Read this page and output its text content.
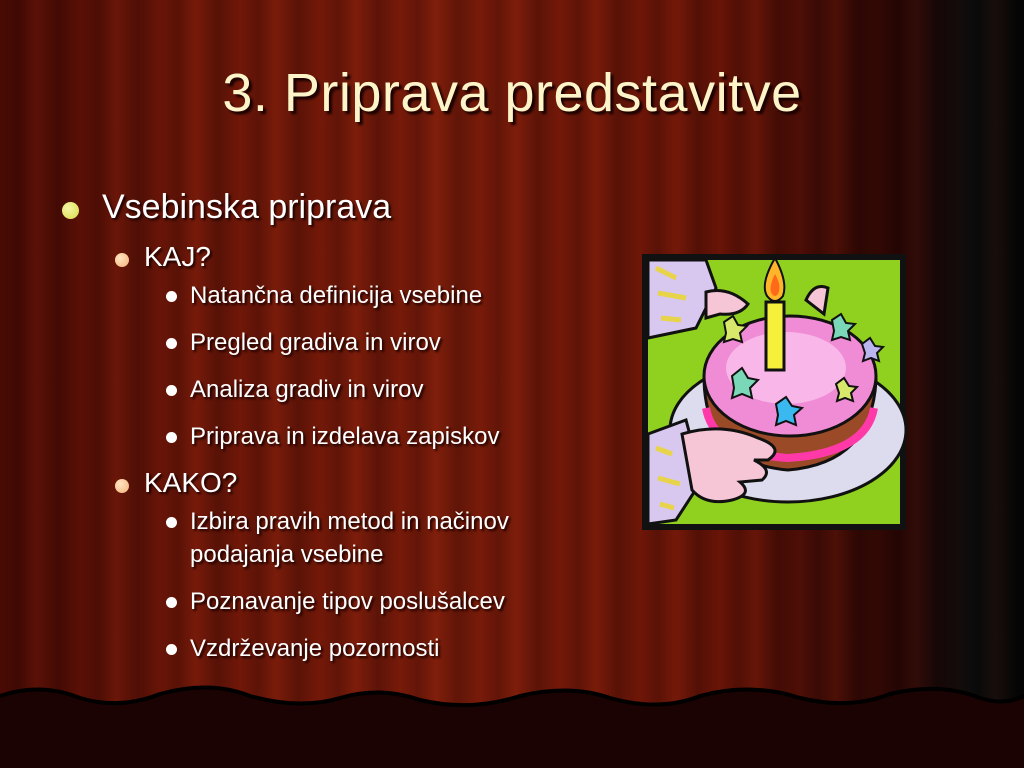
3. Priprava predstavitve
Vsebinska priprava
KAJ?
Natančna definicija vsebine
Pregled gradiva in virov
Analiza gradiv in virov
Priprava in izdelava zapiskov
KAKO?
Izbira pravih metod in načinov podajanja vsebine
Poznavanje tipov poslušalcev
Vzdrževanje pozornosti
